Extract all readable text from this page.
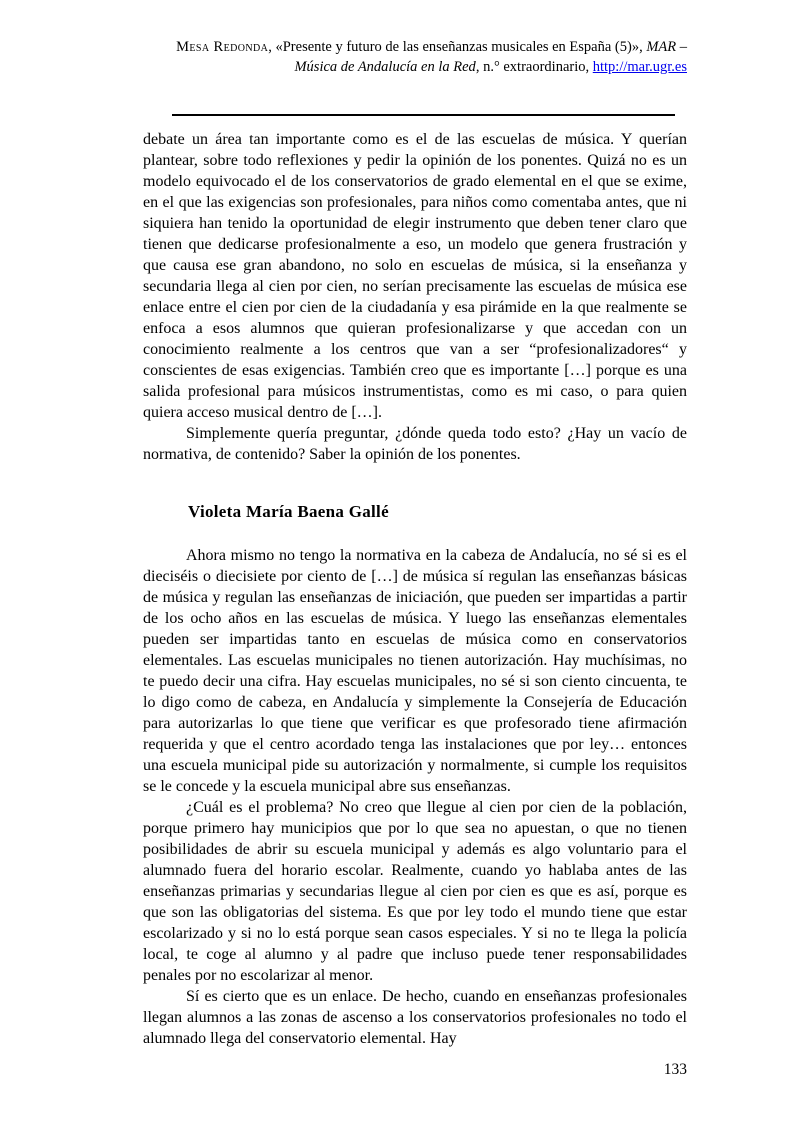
Mesa Redonda, «Presente y futuro de las enseñanzas musicales en España (5)», MAR – Música de Andalucía en la Red, n.° extraordinario, http://mar.ugr.es

debate un área tan importante como es el de las escuelas de música. Y querían plantear, sobre todo reflexiones y pedir la opinión de los ponentes. Quizá no es un modelo equivocado el de los conservatorios de grado elemental en el que se exime, en el que las exigencias son profesionales, para niños como comentaba antes, que ni siquiera han tenido la oportunidad de elegir instrumento que deben tener claro que tienen que dedicarse profesionalmente a eso, un modelo que genera frustración y que causa ese gran abandono, no solo en escuelas de música, si la enseñanza y secundaria llega al cien por cien, no serían precisamente las escuelas de música ese enlace entre el cien por cien de la ciudadanía y esa pirámide en la que realmente se enfoca a esos alumnos que quieran profesionalizarse y que accedan con un conocimiento realmente a los centros que van a ser “profesionalizadores“ y conscientes de esas exigencias. También creo que es importante […] porque es una salida profesional para músicos instrumentistas, como es mi caso, o para quien quiera acceso musical dentro de […].

Simplemente quería preguntar, ¿dónde queda todo esto? ¿Hay un vacío de normativa, de contenido? Saber la opinión de los ponentes.

Violeta María Baena Gallé

Ahora mismo no tengo la normativa en la cabeza de Andalucía, no sé si es el dieciséis o diecisiete por ciento de […] de música sí regulan las enseñanzas básicas de música y regulan las enseñanzas de iniciación, que pueden ser impartidas a partir de los ocho años en las escuelas de música. Y luego las enseñanzas elementales pueden ser impartidas tanto en escuelas de música como en conservatorios elementales. Las escuelas municipales no tienen autorización. Hay muchísimas, no te puedo decir una cifra. Hay escuelas municipales, no sé si son ciento cincuenta, te lo digo como de cabeza, en Andalucía y simplemente la Consejería de Educación para autorizarlas lo que tiene que verificar es que profesorado tiene afirmación requerida y que el centro acordado tenga las instalaciones que por ley… entonces una escuela municipal pide su autorización y normalmente, si cumple los requisitos se le concede y la escuela municipal abre sus enseñanzas.

¿Cuál es el problema? No creo que llegue al cien por cien de la población, porque primero hay municipios que por lo que sea no apuestan, o que no tienen posibilidades de abrir su escuela municipal y además es algo voluntario para el alumnado fuera del horario escolar. Realmente, cuando yo hablaba antes de las enseñanzas primarias y secundarias llegue al cien por cien es que es así, porque es que son las obligatorias del sistema. Es que por ley todo el mundo tiene que estar escolarizado y si no lo está porque sean casos especiales. Y si no te llega la policía local, te coge al alumno y al padre que incluso puede tener responsabilidades penales por no escolarizar al menor.

Sí es cierto que es un enlace. De hecho, cuando en enseñanzas profesionales llegan alumnos a las zonas de ascenso a los conservatorios profesionales no todo el alumnado llega del conservatorio elemental. Hay

133
